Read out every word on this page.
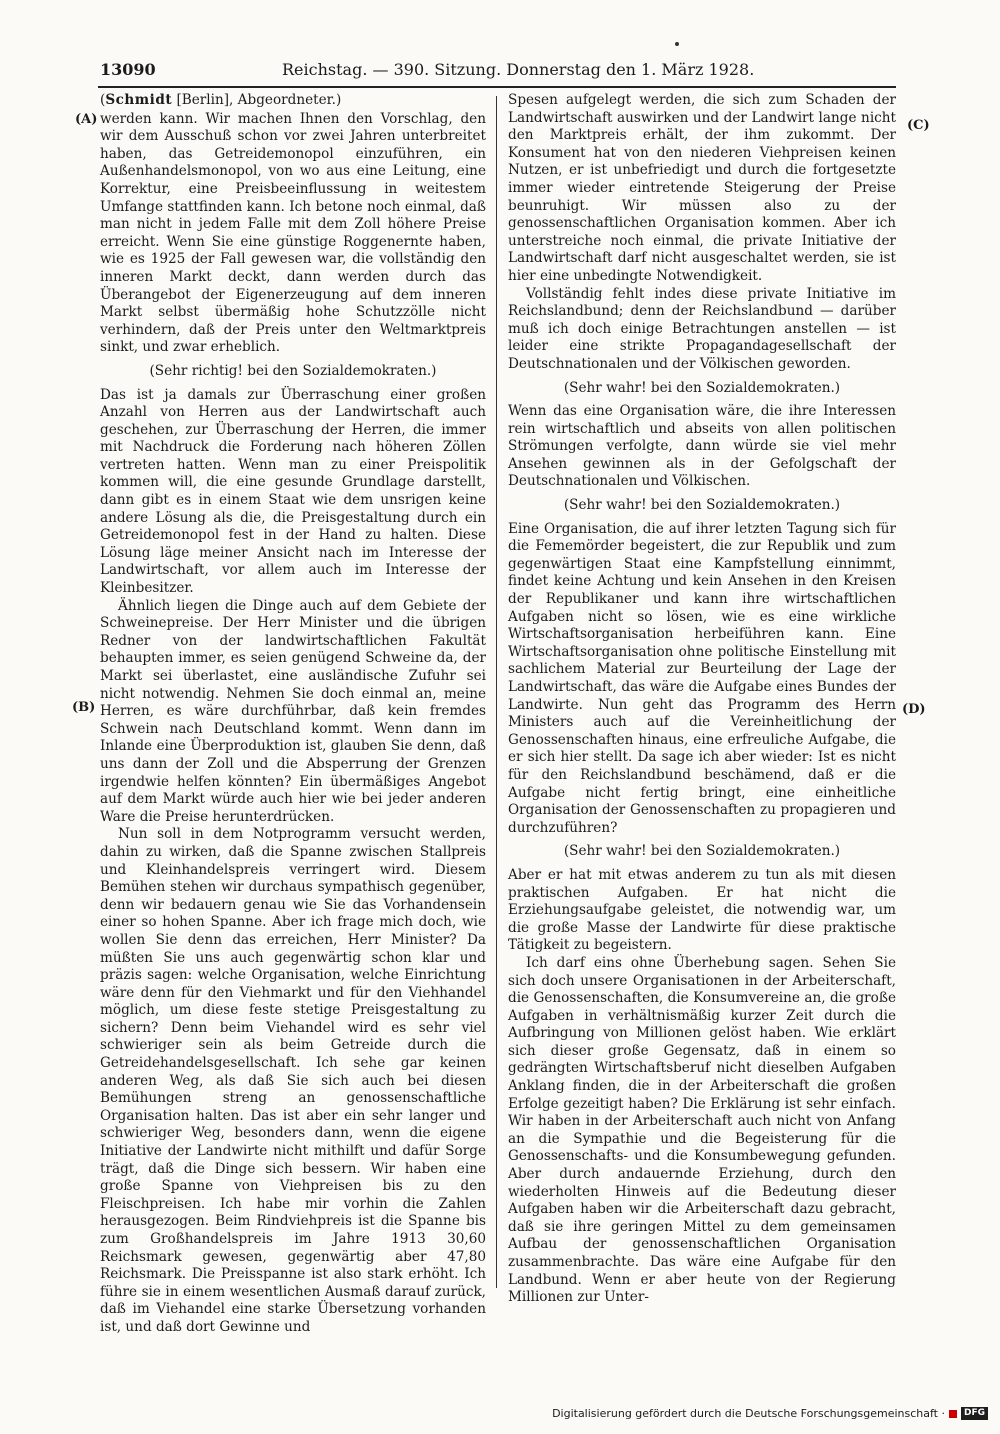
13090	Reichstag. — 390. Sitzung. Donnerstag den 1. März 1928.
(A)
(B)
(C)
(D)

(Schmidt [Berlin], Abgeordneter.)

werden kann. Wir machen Ihnen den Vorschlag, den wir dem Ausschuß schon vor zwei Jahren unterbreitet haben, das Getreidemonopol einzuführen, ein Außenhandelsmonopol, von wo aus eine Leitung, eine Korrektur, eine Preisbeeinflussung in weitestem Umfange stattfinden kann. Ich betone noch einmal, daß man nicht in jedem Falle mit dem Zoll höhere Preise erreicht. Wenn Sie eine günstige Roggenernte haben, wie es 1925 der Fall gewesen war, die vollständig den inneren Markt deckt, dann werden durch das Überangebot der Eigenerzeugung auf dem inneren Markt selbst übermäßig hohe Schutzzölle nicht verhindern, daß der Preis unter den Weltmarktpreis sinkt, und zwar erheblich.

(Sehr richtig! bei den Sozialdemokraten.)

Das ist ja damals zur Überraschung einer großen Anzahl von Herren aus der Landwirtschaft auch geschehen, zur Überraschung der Herren, die immer mit Nachdruck die Forderung nach höheren Zöllen vertreten hatten. Wenn man zu einer Preispolitik kommen will, die eine gesunde Grundlage darstellt, dann gibt es in einem Staat wie dem unsrigen keine andere Lösung als die, die Preisgestaltung durch ein Getreidemonopol fest in der Hand zu halten. Diese Lösung läge meiner Ansicht nach im Interesse der Landwirtschaft, vor allem auch im Interesse der Kleinbesitzer.

Ähnlich liegen die Dinge auch auf dem Gebiete der Schweinepreise. Der Herr Minister und die übrigen Redner von der landwirtschaftlichen Fakultät behaupten immer, es seien genügend Schweine da, der Markt sei überlastet, eine ausländische Zufuhr sei nicht notwendig. Nehmen Sie doch einmal an, meine Herren, es wäre durchführbar, daß kein fremdes Schwein nach Deutschland kommt. Wenn dann im Inlande eine Überproduktion ist, glauben Sie denn, daß uns dann der Zoll und die Absperrung der Grenzen irgendwie helfen könnten? Ein übermäßiges Angebot auf dem Markt würde auch hier wie bei jeder anderen Ware die Preise herunterdrücken.

Nun soll in dem Notprogramm versucht werden, dahin zu wirken, daß die Spanne zwischen Stallpreis und Kleinhandelspreis verringert wird. Diesem Bemühen stehen wir durchaus sympathisch gegenüber, denn wir bedauern genau wie Sie das Vorhandensein einer so hohen Spanne. Aber ich frage mich doch, wie wollen Sie denn das erreichen, Herr Minister? Da müßten Sie uns auch gegenwärtig schon klar und präzis sagen: welche Organisation, welche Einrichtung wäre denn für den Viehmarkt und für den Viehhandel möglich, um diese feste stetige Preisgestaltung zu sichern? Denn beim Viehandel wird es sehr viel schwieriger sein als beim Getreide durch die Getreidehandelsgesellschaft. Ich sehe gar keinen anderen Weg, als daß Sie sich auch bei diesen Bemühungen streng an genossenschaftliche Organisation halten. Das ist aber ein sehr langer und schwieriger Weg, besonders dann, wenn die eigene Initiative der Landwirte nicht mithilft und dafür Sorge trägt, daß die Dinge sich bessern. Wir haben eine große Spanne von Viehpreisen bis zu den Fleischpreisen. Ich habe mir vorhin die Zahlen herausgezogen. Beim Rindviehpreis ist die Spanne bis zum Großhandelspreis im Jahre 1913 30,60 Reichsmark gewesen, gegenwärtig aber 47,80 Reichsmark. Die Preisspanne ist also stark erhöht. Ich führe sie in einem wesentlichen Ausmaß darauf zurück, daß im Viehandel eine starke Übersetzung vorhanden ist, und daß dort Gewinne und

Spesen aufgelegt werden, die sich zum Schaden der Landwirtschaft auswirken und der Landwirt lange nicht den Marktpreis erhält, der ihm zukommt. Der Konsument hat von den niederen Viehpreisen keinen Nutzen, er ist unbefriedigt und durch die fortgesetzte immer wieder eintretende Steigerung der Preise beunruhigt. Wir müssen also zu der genossenschaftlichen Organisation kommen. Aber ich unterstreiche noch einmal, die private Initiative der Landwirtschaft darf nicht ausgeschaltet werden, sie ist hier eine unbedingte Notwendigkeit.

Vollständig fehlt indes diese private Initiative im Reichslandbund; denn der Reichslandbund — darüber muß ich doch einige Betrachtungen anstellen — ist leider eine strikte Propagandagesellschaft der Deutschnationalen und der Völkischen geworden.

(Sehr wahr! bei den Sozialdemokraten.)

Wenn das eine Organisation wäre, die ihre Interessen rein wirtschaftlich und abseits von allen politischen Strömungen verfolgte, dann würde sie viel mehr Ansehen gewinnen als in der Gefolgschaft der Deutschnationalen und Völkischen.

(Sehr wahr! bei den Sozialdemokraten.)

Eine Organisation, die auf ihrer letzten Tagung sich für die Fememörder begeistert, die zur Republik und zum gegenwärtigen Staat eine Kampfstellung einnimmt, findet keine Achtung und kein Ansehen in den Kreisen der Republikaner und kann ihre wirtschaftlichen Aufgaben nicht so lösen, wie es eine wirkliche Wirtschaftsorganisation herbeiführen kann. Eine Wirtschaftsorganisation ohne politische Einstellung mit sachlichem Material zur Beurteilung der Lage der Landwirtschaft, das wäre die Aufgabe eines Bundes der Landwirte. Nun geht das Programm des Herrn Ministers auch auf die Vereinheitlichung der Genossenschaften hinaus, eine erfreuliche Aufgabe, die er sich hier stellt. Da sage ich aber wieder: Ist es nicht für den Reichslandbund beschämend, daß er die Aufgabe nicht fertig bringt, eine einheitliche Organisation der Genossenschaften zu propagieren und durchzuführen?

(Sehr wahr! bei den Sozialdemokraten.)

Aber er hat mit etwas anderem zu tun als mit diesen praktischen Aufgaben. Er hat nicht die Erziehungsaufgabe geleistet, die notwendig war, um die große Masse der Landwirte für diese praktische Tätigkeit zu begeistern.

Ich darf eins ohne Überhebung sagen. Sehen Sie sich doch unsere Organisationen in der Arbeiterschaft, die Genossenschaften, die Konsumvereine an, die große Aufgaben in verhältnismäßig kurzer Zeit durch die Aufbringung von Millionen gelöst haben. Wie erklärt sich dieser große Gegensatz, daß in einem so gedrängten Wirtschaftsberuf nicht dieselben Aufgaben Anklang finden, die in der Arbeiterschaft die großen Erfolge gezeitigt haben? Die Erklärung ist sehr einfach. Wir haben in der Arbeiterschaft auch nicht von Anfang an die Sympathie und die Begeisterung für die Genossenschafts- und die Konsumbewegung gefunden. Aber durch andauernde Erziehung, durch den wiederholten Hinweis auf die Bedeutung dieser Aufgaben haben wir die Arbeiterschaft dazu gebracht, daß sie ihre geringen Mittel zu dem gemeinsamen Aufbau der genossenschaftlichen Organisation zusammenbrachte. Das wäre eine Aufgabe für den Landbund. Wenn er aber heute von der Regierung Millionen zur Unter-

Digitalisierung gefördert durch die Deutsche Forschungsgemeinschaft ·	DFG
